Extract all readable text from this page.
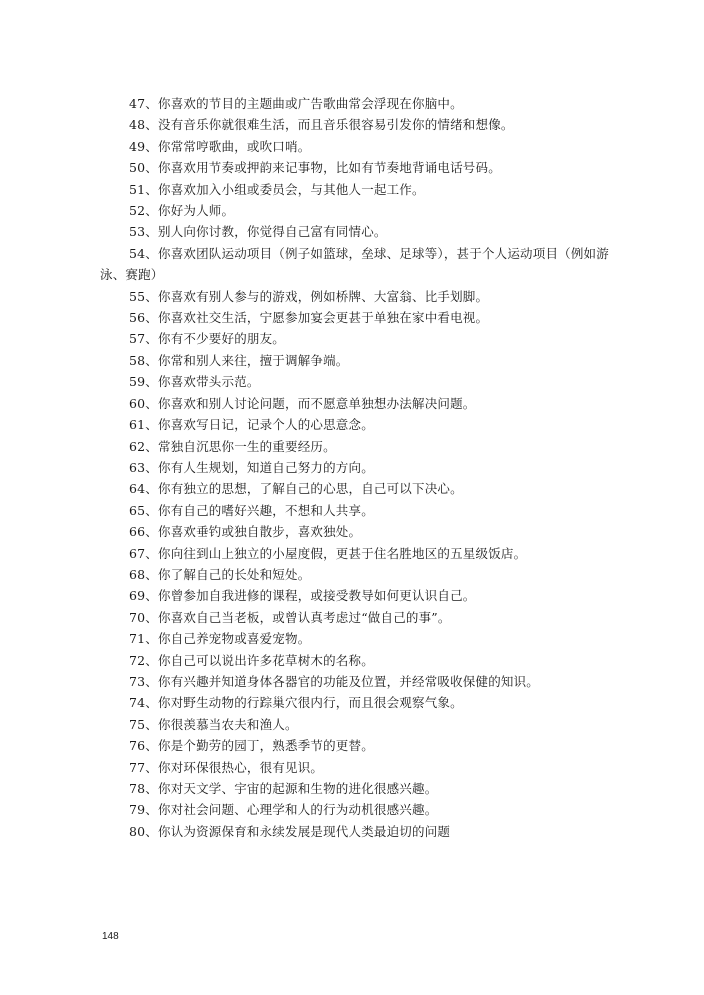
47、你喜欢的节目的主题曲或广告歌曲常会浮现在你脑中。
48、没有音乐你就很难生活，而且音乐很容易引发你的情绪和想像。
49、你常常哼歌曲，或吹口哨。
50、你喜欢用节奏或押韵来记事物，比如有节奏地背诵电话号码。
51、你喜欢加入小组或委员会，与其他人一起工作。
52、你好为人师。
53、别人向你讨教，你觉得自己富有同情心。
54、你喜欢团队运动项目（例子如篮球，垒球、足球等），甚于个人运动项目（例如游泳、赛跑）
55、你喜欢有别人参与的游戏，例如桥牌、大富翁、比手划脚。
56、你喜欢社交生活，宁愿参加宴会更甚于单独在家中看电视。
57、你有不少要好的朋友。
58、你常和别人来往，擅于调解争端。
59、你喜欢带头示范。
60、你喜欢和别人讨论问题，而不愿意单独想办法解决问题。
61、你喜欢写日记，记录个人的心思意念。
62、常独自沉思你一生的重要经历。
63、你有人生规划，知道自己努力的方向。
64、你有独立的思想，了解自己的心思，自己可以下决心。
65、你有自己的嗜好兴趣，不想和人共享。
66、你喜欢垂钓或独自散步，喜欢独处。
67、你向往到山上独立的小屋度假，更甚于住名胜地区的五星级饭店。
68、你了解自己的长处和短处。
69、你曾参加自我进修的课程，或接受教导如何更认识自己。
70、你喜欢自己当老板，或曾认真考虑过“做自己的事”。
71、你自己养宠物或喜爱宠物。
72、你自己可以说出许多花草树木的名称。
73、你有兴趣并知道身体各器官的功能及位置，并经常吸收保健的知识。
74、你对野生动物的行踪巢穴很内行，而且很会观察气象。
75、你很羡慕当农夫和渔人。
76、你是个勤劳的园丁，熟悉季节的更替。
77、你对环保很热心，很有见识。
78、你对天文学、宇宙的起源和生物的进化很感兴趣。
79、你对社会问题、心理学和人的行为动机很感兴趣。
80、你认为资源保育和永续发展是现代人类最迫切的问题
148
